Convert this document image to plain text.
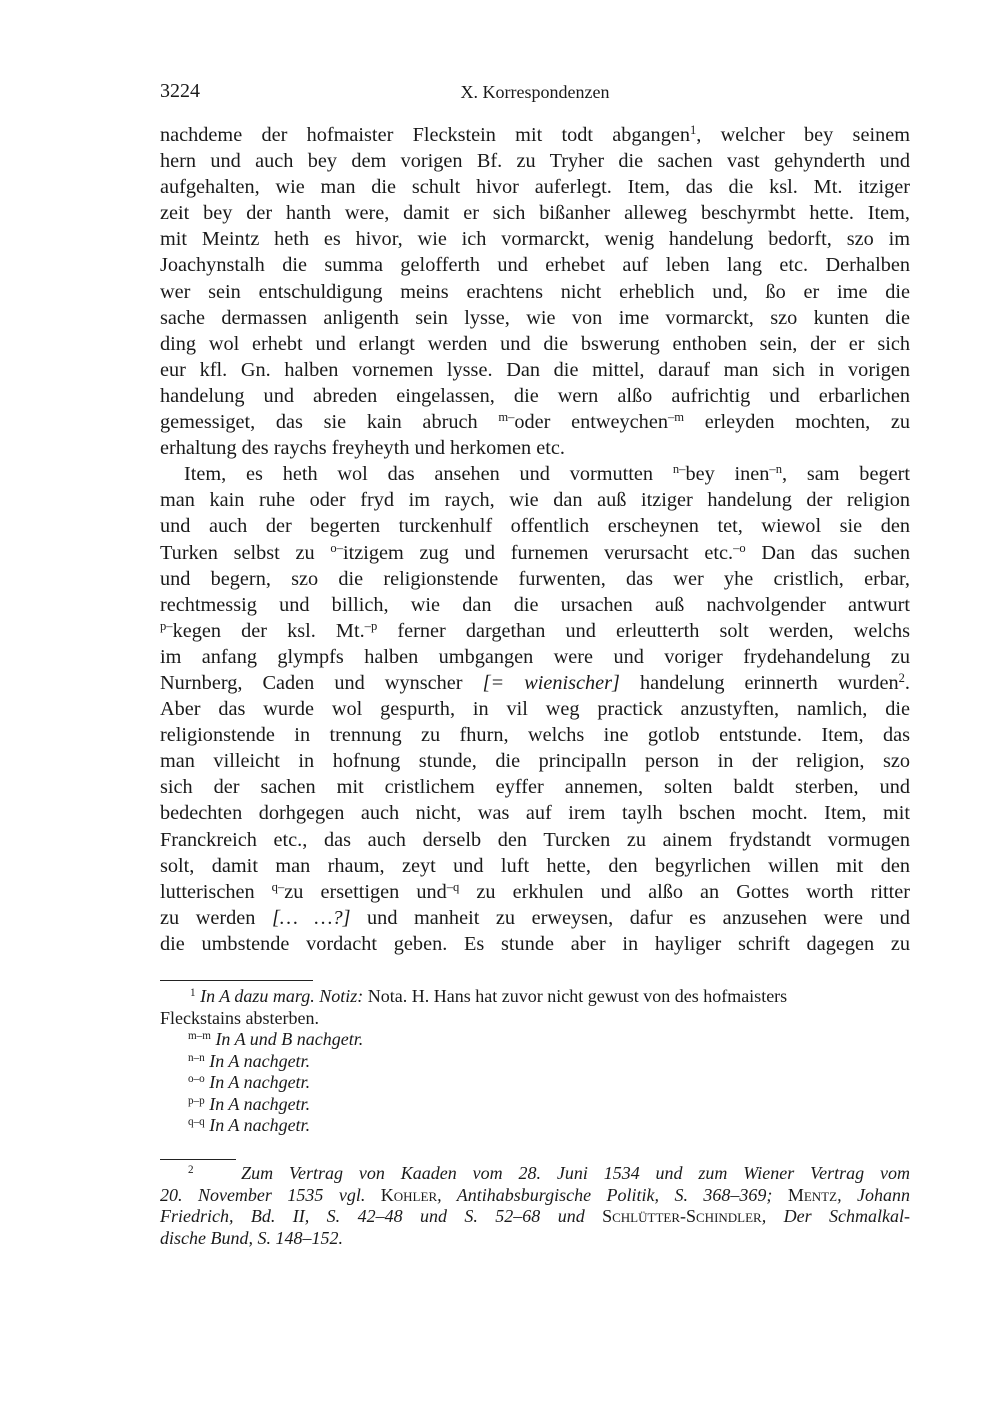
3224	X. Korrespondenzen

nachdeme der hofmaister Fleckstein mit todt abgangen$^1$, welcher bey seinem
hern und auch bey dem vorigen Bf. zu Tryher die sachen vast gehynderth und
aufgehalten, wie man die schult hivor auferlegt. Item, das die ksl. Mt. itziger
zeit bey der hanth were, damit er sich bißanher alleweg beschyrmbt hette. Item,
mit Meintz heth es hivor, wie ich vormarckt, wenig handelung bedorft, szo im
Joachynstalh die summa gelofferth und erhebet auf leben lang etc. Derhalben
wer sein entschuldigung meins erachtens nicht erheblich und, ßo er ime die
sache dermassen anligenth sein lysse, wie von ime vormarckt, szo kunten die
ding wol erhebt und erlangt werden und die bswerung enthoben sein, der er sich
eur kfl. Gn. halben vornemen lysse. Dan die mittel, darauf man sich in vorigen
handelung und abreden eingelassen, die wern alßo aufrichtig und erbarlichen
gemessiget, das sie kain abruch $^{m-}$oder entweychen$^{-m}$ erleyden mochten, zu
erhaltung des raychs freyheyth und herkomen etc.

Item, es heth wol das ansehen und vormutten $^{n-}$bey inen$^{-n}$, sam begert
man kain ruhe oder fryd im raych, wie dan auß itziger handelung der religion
und auch der begerten turckenhulf offentlich erscheynen tet, wiewol sie den
Turken selbst zu $^{o-}$itzigem zug und furnemen verursacht etc.$^{-o}$ Dan das suchen
und begern, szo die religionstende furwenten, das wer yhe cristlich, erbar,
rechtmessig und billich, wie dan die ursachen auß nachvolgender antwurt
$^{p-}$kegen der ksl. Mt.$^{-p}$ ferner dargethan und erleutterth solt werden, welchs
im anfang glympfs halben umbgangen were und voriger frydehandelung zu
Nurnberg, Caden und wynscher [= wienischer] handelung erinnerth wurden$^2$.
Aber das wurde wol gespurth, in vil weg practick anzustyften, namlich, die
religionstende in trennung zu fhurn, welchs ine gotlob entstunde. Item, das
man villeicht in hofnung stunde, die principalln person in der religion, szo
sich der sachen mit cristlichem eyffer annemen, solten baldt sterben, und
bedechten dorhgegen auch nicht, was auf irem taylh bschen mocht. Item, mit
Franckreich etc., das auch derselb den Turcken zu ainem frydstandt vormugen
solt, damit man rhaum, zeyt und luft hette, den begyrlichen willen mit den
lutterischen $^{q-}$zu ersettigen und$^{-q}$ zu erkhulen und alßo an Gottes worth ritter
zu werden [… …?] und manheit zu erweysen, dafur es anzusehen were und
die umbstende vordacht geben. Es stunde aber in hayliger schrift dagegen zu

$^1$ In A dazu marg. Notiz: Nota. H. Hans hat zuvor nicht gewust von des hofmaisters
Fleckstains absterben.
$^{m-m}$ In A und B nachgetr.
$^{n-n}$ In A nachgetr.
$^{o-o}$ In A nachgetr.
$^{p-p}$ In A nachgetr.
$^{q-q}$ In A nachgetr.
$^2$	Zum Vertrag von Kaaden vom 28. Juni 1534 und zum Wiener Vertrag vom
20. November 1535 vgl. Kohler, Antihabsburgische Politik, S. 368–369; Mentz, Johann
Friedrich, Bd. II, S. 42–48 und S. 52–68 und Schlütter-Schindler, Der Schmalkal-
dische Bund, S. 148–152.
